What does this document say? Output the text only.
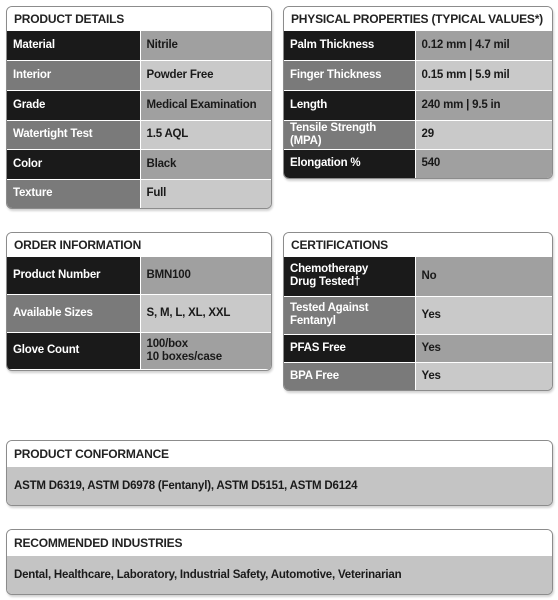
PRODUCT DETAILS
Material	Nitrile
Interior	Powder Free
Grade	Medical Examination
Watertight Test	1.5 AQL
Color	Black
Texture	Full
PHYSICAL PROPERTIES (TYPICAL VALUES*)
Palm Thickness	0.12 mm | 4.7 mil
Finger Thickness	0.15 mm | 5.9 mil
Length	240 mm | 9.5 in
Tensile Strength (MPA)	29
Elongation %	540
ORDER INFORMATION
Product Number	BMN100
Available Sizes	S, M, L, XL, XXL
Glove Count	100/box
10 boxes/case
CERTIFICATIONS
Chemotherapy
Drug Tested†	No
Tested Against
Fentanyl	Yes
PFAS Free	Yes
BPA Free	Yes
PRODUCT CONFORMANCE
ASTM D6319, ASTM D6978 (Fentanyl), ASTM D5151, ASTM D6124
RECOMMENDED INDUSTRIES
Dental, Healthcare, Laboratory, Industrial Safety, Automotive, Veterinarian
